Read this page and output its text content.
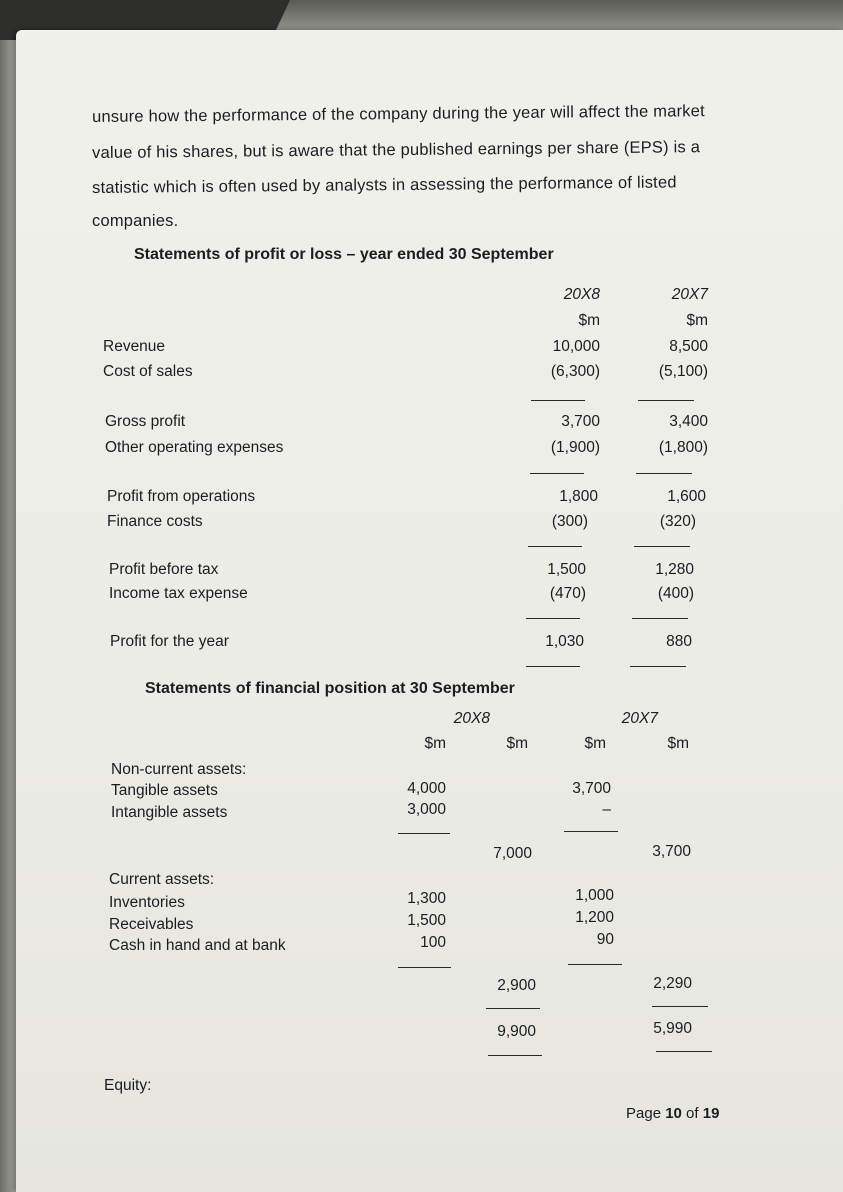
unsure how the performance of the company during the year will affect the market
value of his shares, but is aware that the published earnings per share (EPS) is a
statistic which is often used by analysts in assessing the performance of listed
companies.
Statements of profit or loss – year ended 30 September
20X8	20X7
$m	$m
Revenue	10,000	8,500
Cost of sales	(6,300)	(5,100)
Gross profit	3,700	3,400
Other operating expenses	(1,900)	(1,800)
Profit from operations	1,800	1,600
Finance costs	(300)	(320)
Profit before tax	1,500	1,280
Income tax expense	(470)	(400)
Profit for the year	1,030	880
Statements of financial position at 30 September
20X8	20X7
$m	$m	$m	$m
Non-current assets:
Tangible assets	4,000	3,700
Intangible assets	3,000	–
7,000	3,700
Current assets:
Inventories	1,300	1,000
Receivables	1,500	1,200
Cash in hand and at bank	100	90
2,900	2,290
9,900	5,990
Equity:
Page 10 of 19
